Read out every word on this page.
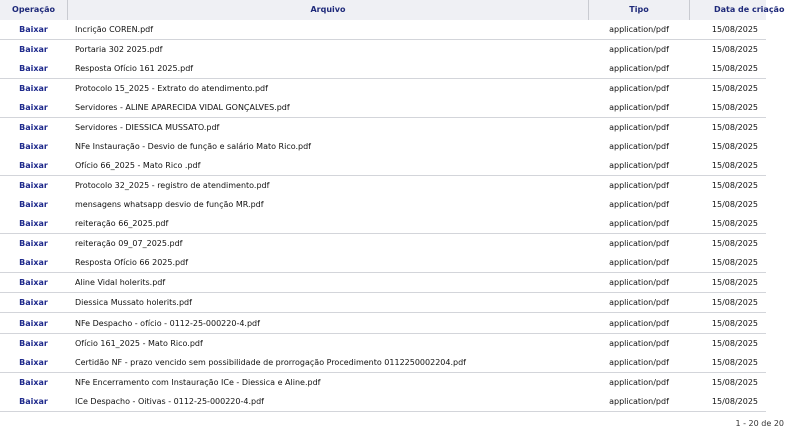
Operação	Arquivo	Tipo	Data de criação
Baixar	Incrição COREN.pdf	application/pdf	15/08/2025
Baixar	Portaria 302 2025.pdf	application/pdf	15/08/2025
Baixar	Resposta Ofício 161 2025.pdf	application/pdf	15/08/2025
Baixar	Protocolo 15_2025 - Extrato do atendimento.pdf	application/pdf	15/08/2025
Baixar	Servidores - ALINE APARECIDA VIDAL GONÇALVES.pdf	application/pdf	15/08/2025
Baixar	Servidores - DIESSICA MUSSATO.pdf	application/pdf	15/08/2025
Baixar	NFe Instauração - Desvio de função e salário Mato Rico.pdf	application/pdf	15/08/2025
Baixar	Ofício 66_2025 - Mato Rico .pdf	application/pdf	15/08/2025
Baixar	Protocolo 32_2025 - registro de atendimento.pdf	application/pdf	15/08/2025
Baixar	mensagens whatsapp desvio de função MR.pdf	application/pdf	15/08/2025
Baixar	reiteração 66_2025.pdf	application/pdf	15/08/2025
Baixar	reiteração 09_07_2025.pdf	application/pdf	15/08/2025
Baixar	Resposta Ofício 66 2025.pdf	application/pdf	15/08/2025
Baixar	Aline Vidal holerits.pdf	application/pdf	15/08/2025
Baixar	Diessica Mussato holerits.pdf	application/pdf	15/08/2025
Baixar	NFe Despacho - ofício - 0112-25-000220-4.pdf	application/pdf	15/08/2025
Baixar	Ofício 161_2025 - Mato Rico.pdf	application/pdf	15/08/2025
Baixar	Certidão NF - prazo vencido sem possibilidade de prorrogação Procedimento 0112250002204.pdf	application/pdf	15/08/2025
Baixar	NFe Encerramento com Instauração ICe - Diessica e Aline.pdf	application/pdf	15/08/2025
Baixar	ICe Despacho - Oitivas - 0112-25-000220-4.pdf	application/pdf	15/08/2025
1 - 20 de 20
